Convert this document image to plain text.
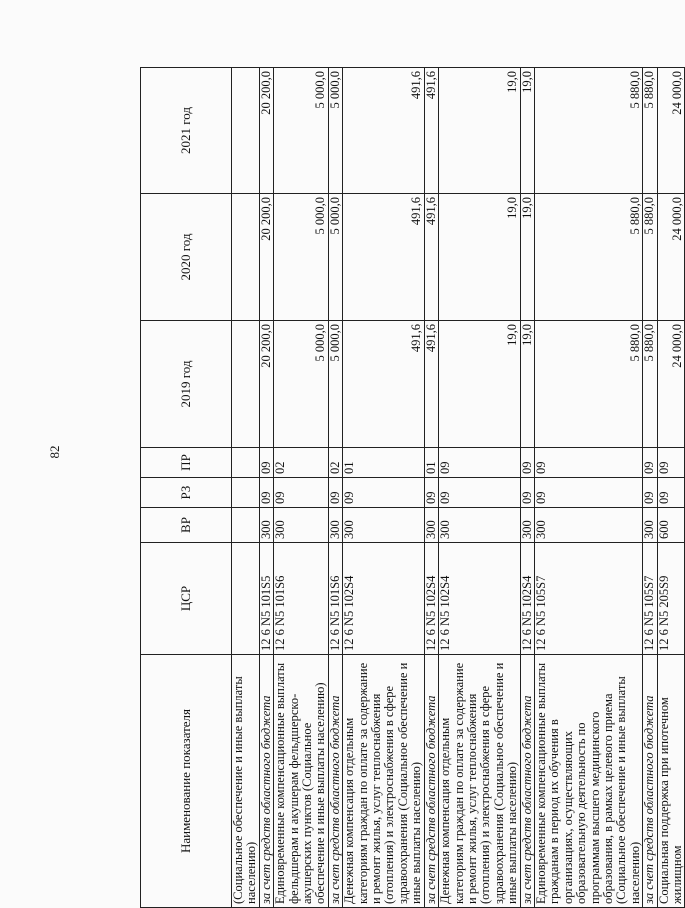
82
Наименование показателя	ЦСР	ВР	РЗ	ПР	2019 год	2020 год	2021 год
(Социальное обеспечение и иные выплаты населению)							
за счет средств областного бюджета	12 6 N5 101S5	300	09	09	20 200,0	20 200,0	20 200,0
Единовременные компенсационные выплаты фельдшерам и акушерам фельдшерско-акушерских пунктов (Социальное обеспечение и иные выплаты населению)	12 6 N5 101S6	300	09	02	5 000,0	5 000,0	5 000,0
за счет средств областного бюджета	12 6 N5 101S6	300	09	02	5 000,0	5 000,0	5 000,0
Денежная компенсация отдельным категориям граждан по оплате за содержание и ремонт жилья, услуг теплоснабжения (отопления) и электроснабжения в сфере здравоохранения (Социальное обеспечение и иные выплаты населению)	12 6 N5 102S4	300	09	01	491,6	491,6	491,6
за счет средств областного бюджета	12 6 N5 102S4	300	09	01	491,6	491,6	491,6
Денежная компенсация отдельным категориям граждан по оплате за содержание и ремонт жилья, услуг теплоснабжения (отопления) и электроснабжения в сфере здравоохранения (Социальное обеспечение и иные выплаты населению)	12 6 N5 102S4	300	09	09	19,0	19,0	19,0
за счет средств областного бюджета	12 6 N5 102S4	300	09	09	19,0	19,0	19,0
Единовременные компенсационные выплаты гражданам в период их обучения в организациях, осуществляющих образовательную деятельность по программам высшего медицинского образования, в рамках целевого приема (Социальное обеспечение и иные выплаты населению)	12 6 N5 105S7	300	09	09	5 880,0	5 880,0	5 880,0
за счет средств областного бюджета	12 6 N5 105S7	300	09	09	5 880,0	5 880,0	5 880,0
Социальная поддержка при ипотечном жилищном	12 6 N5 205S9	600	09	09	24 000,0	24 000,0	24 000,0
